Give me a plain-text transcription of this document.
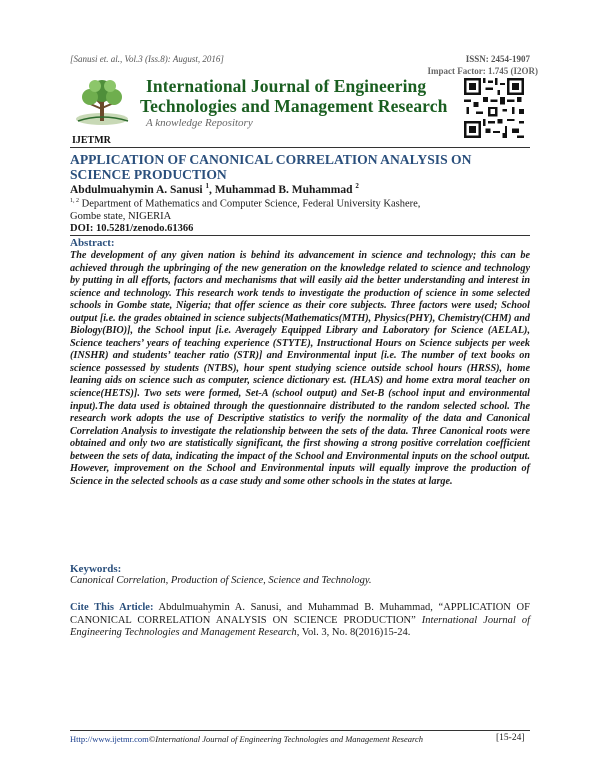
[Sanusi et. al., Vol.3 (Iss.8): August, 2016]	ISSN: 2454-1907
Impact Factor: 1.745 (I2OR)
International Journal of Engineering
Technologies and Management Research
A knowledge Repository
IJETMR
APPLICATION OF CANONICAL CORRELATION ANALYSIS ON
SCIENCE PRODUCTION
Abdulmuahymin A. Sanusi $^1$, Muhammad B. Muhammad $^2$
$^{1, 2}$ Department of Mathematics and Computer Science, Federal University Kashere,
Gombe state, NIGERIA
DOI: 10.5281/zenodo.61366
Abstract:
The development of any given nation is behind its advancement in science and technology; this can be achieved through the upbringing of the new generation on the knowledge related to science and technology by putting in all efforts, factors and mechanisms that will easily aid the better understanding and interest in science and technology. This research work tends to investigate the production of science in some selected schools in Gombe state, Nigeria; that offer science as their core subjects. Three factors were used; School output [i.e. the grades obtained in science subjects(Mathematics(MTH), Physics(PHY), Chemistry(CHM) and Biology(BIO)], the School input [i.e. Averagely Equipped Library and Laboratory for Science (AELAL), Science teachers’ years of teaching experience (STYTE), Instructional Hours on Science subjects per week (INSHR) and students’ teacher ratio (STR)] and Environmental input [i.e. The number of text books on science possessed by students (NTBS), hour spent studying science outside school hours (HRSS), home leaning aids on science such as computer, science dictionary est. (HLAS) and home extra moral teacher on science(HETS)]. Two sets were formed, Set-A (school output) and Set-B (school input and environmental input).The data used is obtained through the questionnaire distributed to the random selected school. The research work adopts the use of Descriptive statistics to verify the normality of the data and Canonical Correlation Analysis to investigate the relationship between the sets of the data. Three Canonical roots were obtained and only two are statistically significant, the first showing a strong positive correlation coefficient between the sets of data, indicating the impact of the School and Environmental inputs on the school output. However, improvement on the School and Environmental inputs will equally improve the production of Science in the selected schools as a case study and some other schools in the states at large.
Keywords:
Canonical Correlation, Production of Science, Science and Technology.
Cite This Article: Abdulmuahymin A. Sanusi, and Muhammad B. Muhammad, “APPLICATION OF CANONICAL CORRELATION ANALYSIS ON SCIENCE PRODUCTION” International Journal of Engineering Technologies and Management Research, Vol. 3, No. 8(2016)15-24.
Http://www.ijetmr.com©International Journal of Engineering Technologies and Management Research	[15-24]
